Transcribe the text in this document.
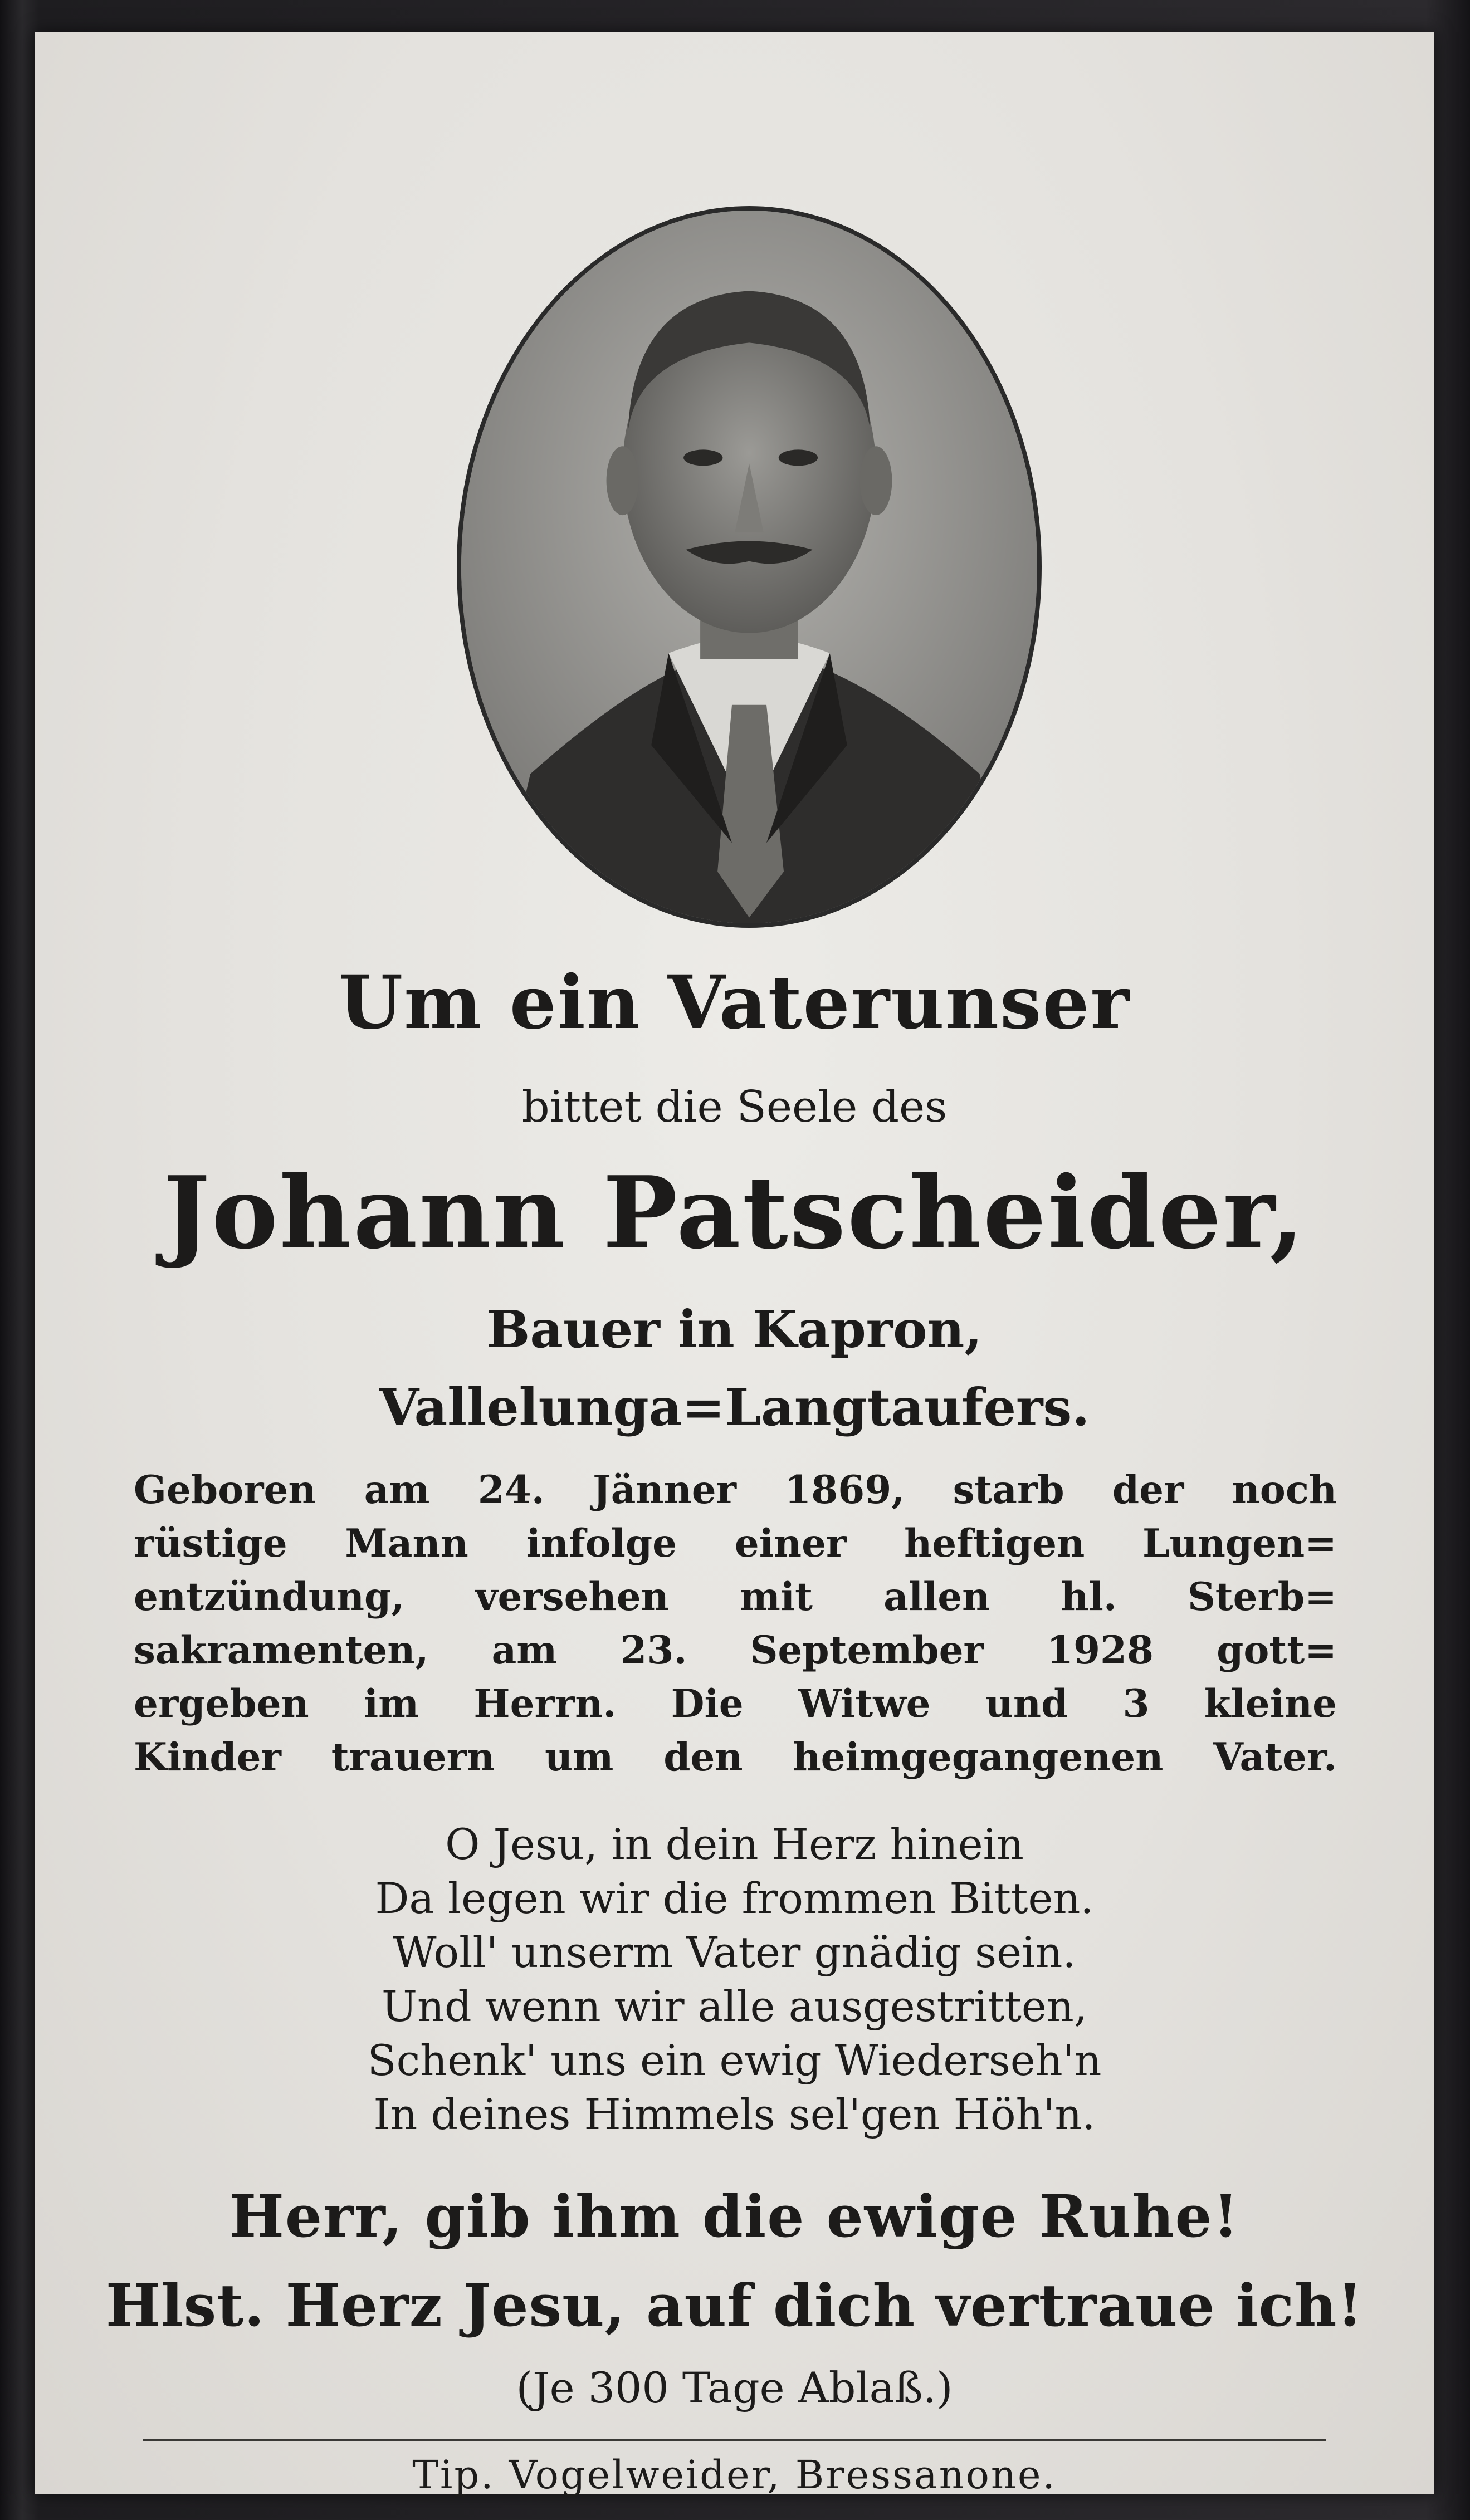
Um ein Vaterunser

bittet die Seele des

Johann Patscheider,

Bauer in Kapron,

Vallelunga=Langtaufers.

Geboren am 24. Jänner 1869, starb der noch
rüstige Mann infolge einer heftigen Lungen=
entzündung, versehen mit allen hl. Sterb=
sakramenten, am 23. September 1928 gott=
ergeben im Herrn. Die Witwe und 3 kleine
Kinder trauern um den heimgegangenen Vater.
O Jesu, in dein Herz hinein
Da legen wir die frommen Bitten.
Woll' unserm Vater gnädig sein.
Und wenn wir alle ausgestritten,
Schenk' uns ein ewig Wiederseh'n
In deines Himmels sel'gen Höh'n.

Herr, gib ihm die ewige Ruhe!

Hlst. Herz Jesu, auf dich vertraue ich!

(Je 300 Tage Ablaß.)

Tip. Vogelweider, Bressanone.
